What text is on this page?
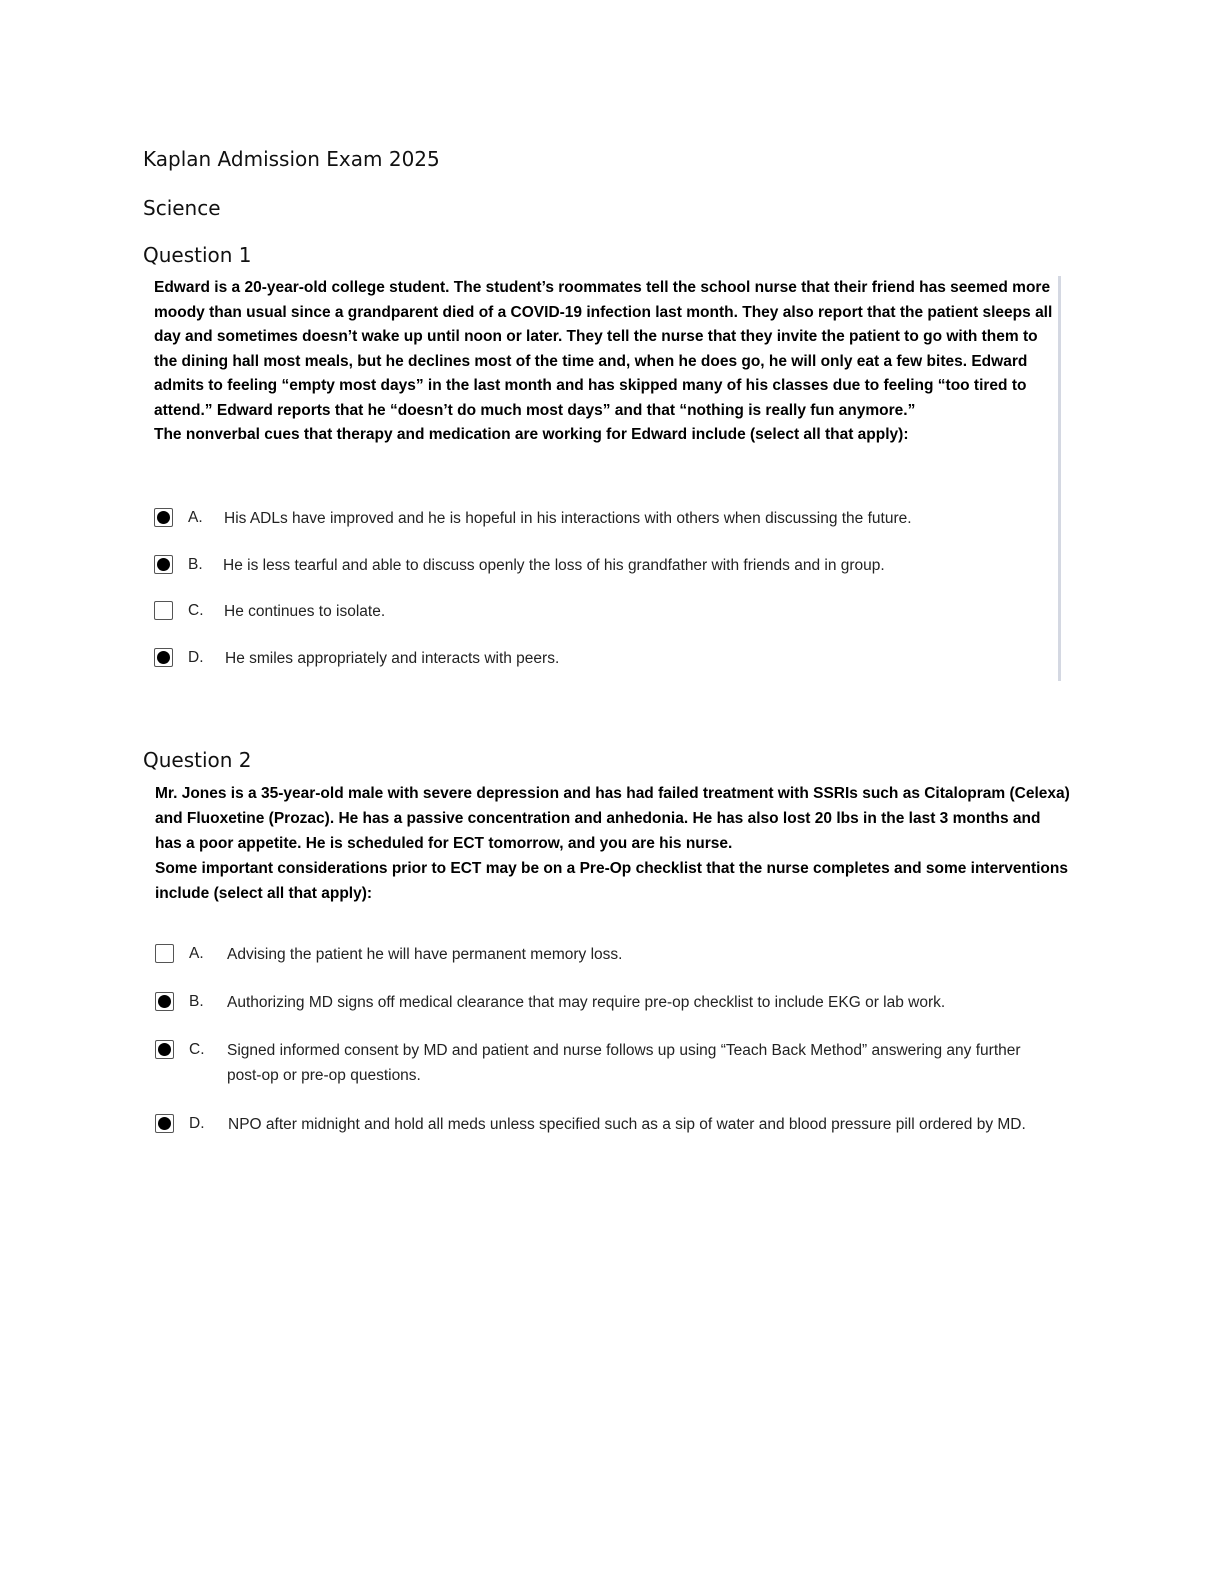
Kaplan Admission Exam 2025
Science
Question 1

Edward is a 20-year-old college student. The student’s roommates tell the school nurse that their friend has seemed more moody than usual since a grandparent died of a COVID-19 infection last month. They also report that the patient sleeps all day and sometimes doesn’t wake up until noon or later. They tell the nurse that they invite the patient to go with them to the dining hall most meals, but he declines most of the time and, when he does go, he will only eat a few bites. Edward admits to feeling “empty most days” in the last month and has skipped many of his classes due to feeling “too tired to attend.” Edward reports that he “doesn’t do much most days” and that “nothing is really fun anymore.”

The nonverbal cues that therapy and medication are working for Edward include (select all that apply):

A. His ADLs have improved and he is hopeful in his interactions with others when discussing the future.
B. He is less tearful and able to discuss openly the loss of his grandfather with friends and in group.
C. He continues to isolate.
D. He smiles appropriately and interacts with peers.
Question 2

Mr. Jones is a 35-year-old male with severe depression and has had failed treatment with SSRIs such as Citalopram (Celexa) and Fluoxetine (Prozac). He has a passive concentration and anhedonia. He has also lost 20 lbs in the last 3 months and has a poor appetite. He is scheduled for ECT tomorrow, and you are his nurse.

Some important considerations prior to ECT may be on a Pre-Op checklist that the nurse completes and some interventions include (select all that apply):

A. Advising the patient he will have permanent memory loss.
B. Authorizing MD signs off medical clearance that may require pre-op checklist to include EKG or lab work.
C. Signed informed consent by MD and patient and nurse follows up using “Teach Back Method” answering any further post-op or pre-op questions.
D. NPO after midnight and hold all meds unless specified such as a sip of water and blood pressure pill ordered by MD.
